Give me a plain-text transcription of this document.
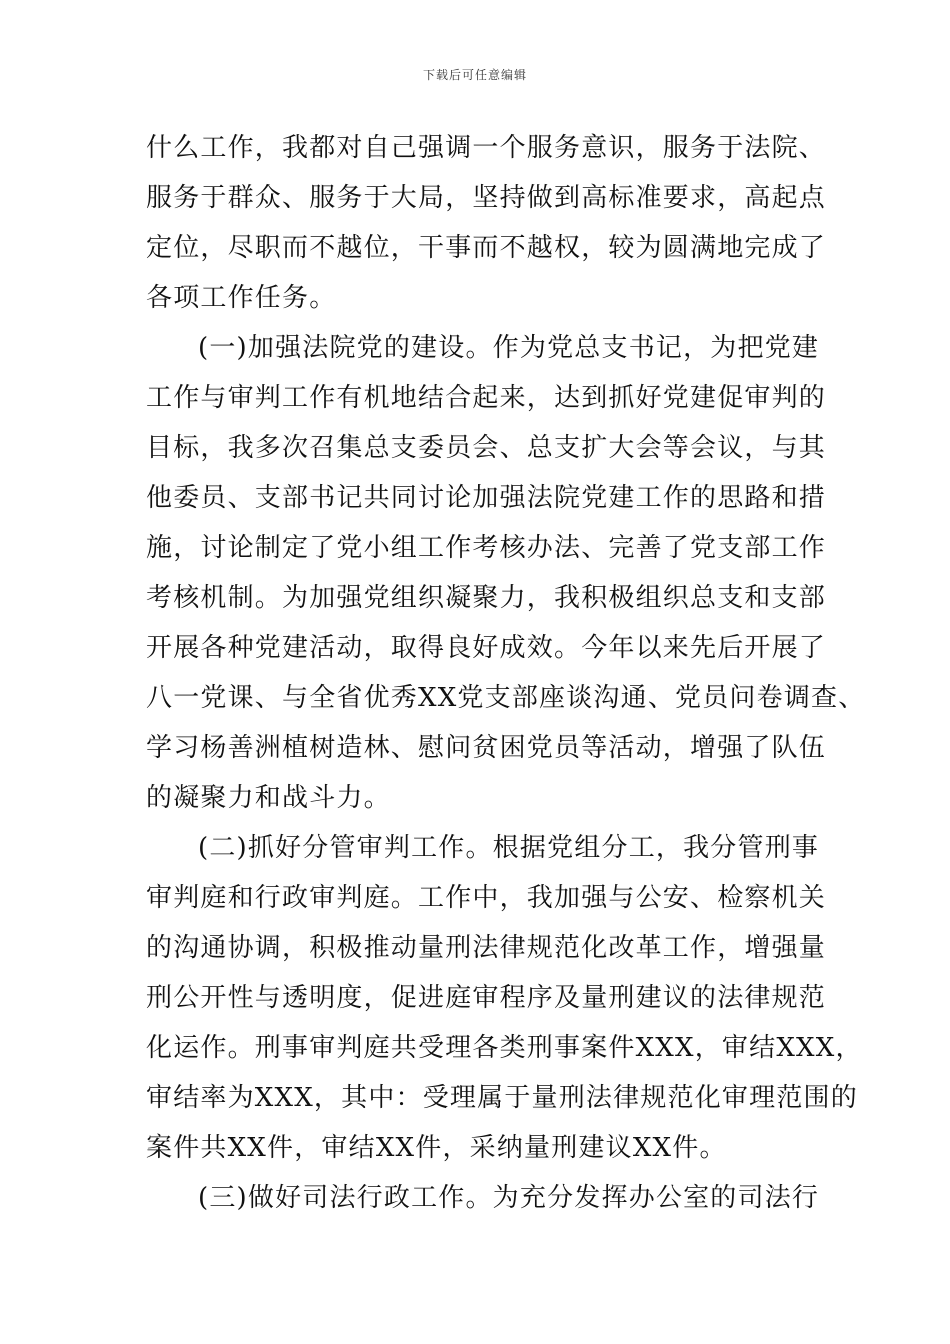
下载后可任意编辑
什么工作，我都对自己强调一个服务意识，服务于法院、
服务于群众、服务于大局，坚持做到高标准要求，高起点
定位，尽职而不越位，干事而不越权，较为圆满地完成了
各项工作任务。
(一)加强法院党的建设。作为党总支书记，为把党建
工作与审判工作有机地结合起来，达到抓好党建促审判的
目标，我多次召集总支委员会、总支扩大会等会议，与其
他委员、支部书记共同讨论加强法院党建工作的思路和措
施，讨论制定了党小组工作考核办法、完善了党支部工作
考核机制。为加强党组织凝聚力，我积极组织总支和支部
开展各种党建活动，取得良好成效。今年以来先后开展了
八一党课、与全省优秀XX党支部座谈沟通、党员问卷调查、
学习杨善洲植树造林、慰问贫困党员等活动，增强了队伍
的凝聚力和战斗力。
(二)抓好分管审判工作。根据党组分工，我分管刑事
审判庭和行政审判庭。工作中，我加强与公安、检察机关
的沟通协调，积极推动量刑法律规范化改革工作，增强量
刑公开性与透明度，促进庭审程序及量刑建议的法律规范
化运作。刑事审判庭共受理各类刑事案件XXX，审结XXX，
审结率为XXX，其中：受理属于量刑法律规范化审理范围的
案件共XX件，审结XX件，采纳量刑建议XX件。
(三)做好司法行政工作。为充分发挥办公室的司法行
